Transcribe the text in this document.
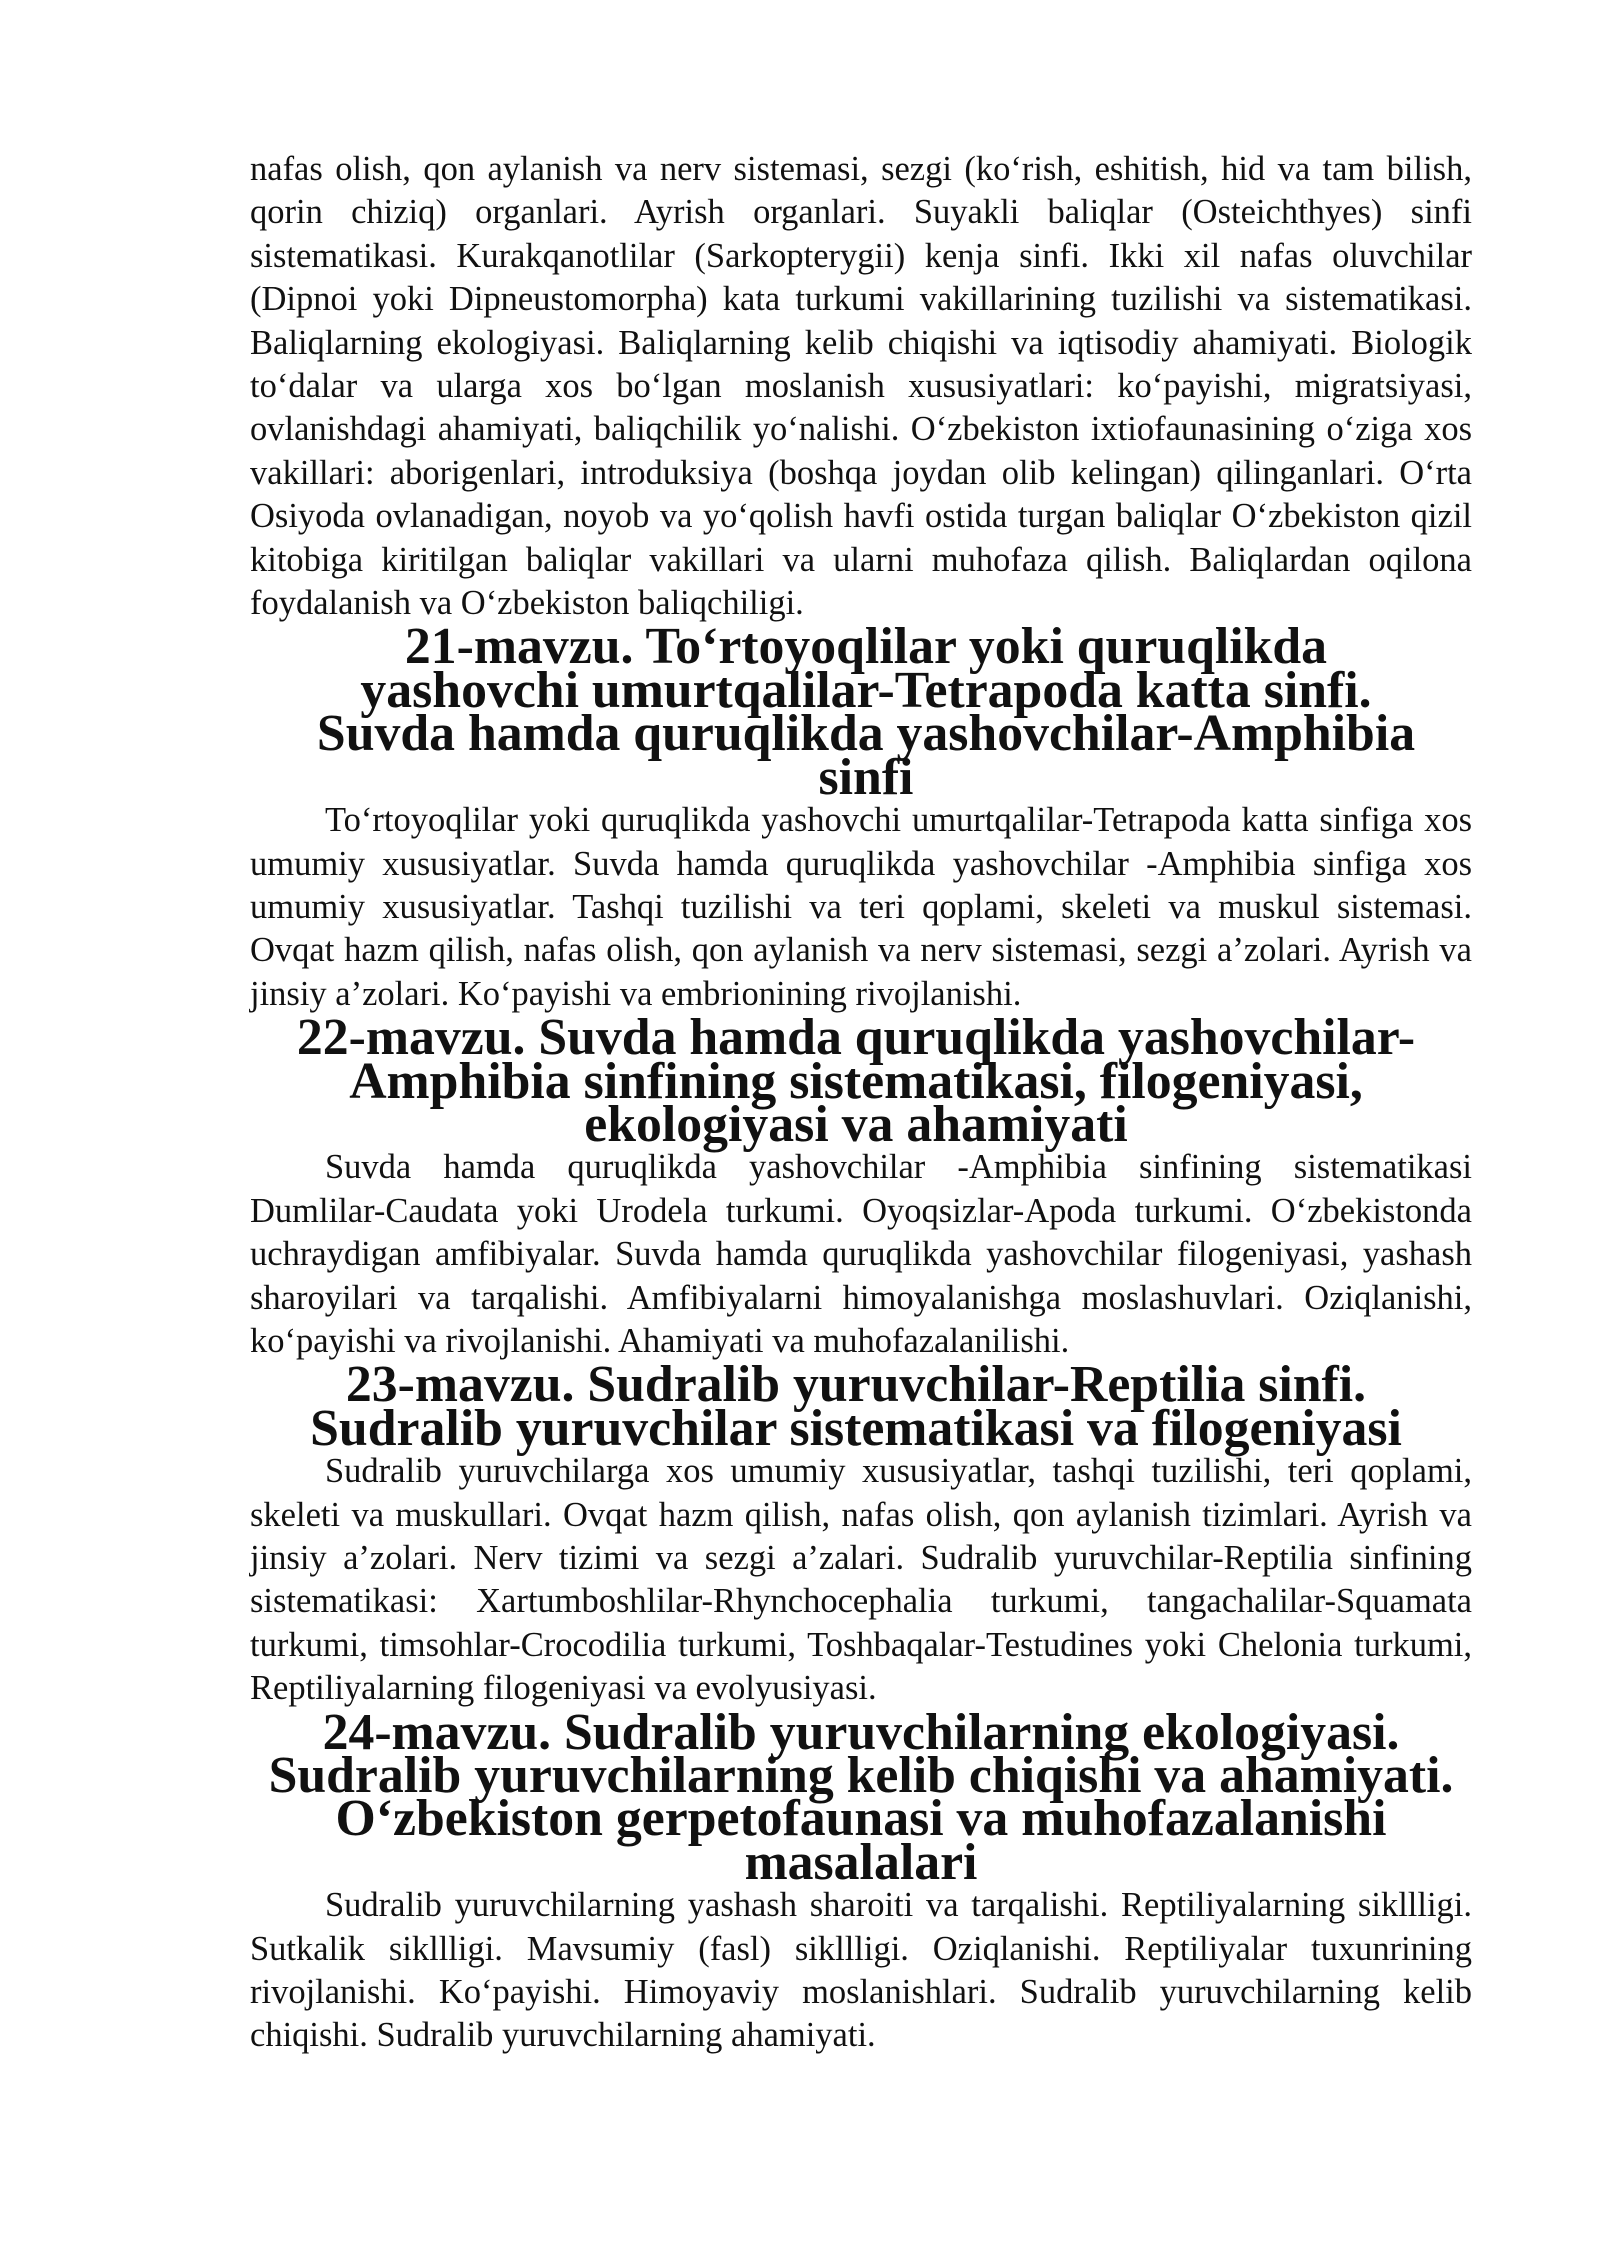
nafas olish, qon aylanish va nerv sistemasi, sezgi (ko‘rish, eshitish, hid va tam bilish, qorin chiziq) organlari. Ayrish organlari. Suyakli baliqlar (Osteichthyes) sinfi sistematikasi. Kurakqanotlilar (Sarkopterygii) kenja sinfi. Ikki xil nafas oluvchilar (Dipnoi yoki Dipneustomorpha) kata turkumi vakillarining tuzilishi va sistematikasi. Baliqlarning ekologiyasi. Baliqlarning kelib chiqishi va iqtisodiy ahamiyati. Biologik to‘dalar va ularga xos bo‘lgan moslanish xususiyatlari: ko‘payishi, migratsiyasi, ovlanishdagi ahamiyati, baliqchilik yo‘nalishi. O‘zbekiston ixtiofaunasining o‘ziga xos vakillari: aborigenlari, introduksiya (boshqa joydan olib kelingan) qilinganlari. O‘rta Osiyoda ovlanadigan, noyob va yo‘qolish havfi ostida turgan baliqlar O‘zbekiston qizil kitobiga kiritilgan baliqlar vakillari va ularni muhofaza qilish. Baliqlardan oqilona foydalanish va O‘zbekiston baliqchiligi.

21-mavzu. To‘rtoyoqlilar yoki quruqlikda yashovchi umurtqalilar-Tetrapoda katta sinfi. Suvda hamda quruqlikda yashovchilar-Amphibia sinfi

To‘rtoyoqlilar yoki quruqlikda yashovchi umurtqalilar-Tetrapoda katta sinfiga xos umumiy xususiyatlar. Suvda hamda quruqlikda yashovchilar -Amphibia sinfiga xos umumiy xususiyatlar. Tashqi tuzilishi va teri qoplami, skeleti va muskul sistemasi. Ovqat hazm qilish, nafas olish, qon aylanish va nerv sistemasi, sezgi a’zolari. Ayrish va jinsiy a’zolari. Ko‘payishi va embrionining rivojlanishi.

22-mavzu. Suvda hamda quruqlikda yashovchilar-Amphibia sinfining sistematikasi, filogeniyasi, ekologiyasi va ahamiyati

Suvda hamda quruqlikda yashovchilar -Amphibia sinfining sistematikasi Dumlilar-Caudata yoki Urodela turkumi. Oyoqsizlar-Apoda turkumi. O‘zbekistonda uchraydigan amfibiyalar. Suvda hamda quruqlikda yashovchilar filogeniyasi, yashash sharoyilari va tarqalishi. Amfibiyalarni himoyalanishga moslashuvlari. Oziqlanishi, ko‘payishi va rivojlanishi. Ahamiyati va muhofazalanilishi.

23-mavzu. Sudralib yuruvchilar-Reptilia sinfi. Sudralib yuruvchilar sistematikasi va filogeniyasi

Sudralib yuruvchilarga xos umumiy xususiyatlar, tashqi tuzilishi, teri qoplami, skeleti va muskullari. Ovqat hazm qilish, nafas olish, qon aylanish tizimlari. Ayrish va jinsiy a’zolari. Nerv tizimi va sezgi a’zalari. Sudralib yuruvchilar-Reptilia sinfining sistematikasi: Xartumboshlilar-Rhynchocephalia turkumi, tangachalilar-Squamata turkumi, timsohlar-Crocodilia turkumi, Toshbaqalar-Testudines yoki Chelonia turkumi, Reptiliyalarning filogeniyasi va evolyusiyasi.

24-mavzu. Sudralib yuruvchilarning ekologiyasi. Sudralib yuruvchilarning kelib chiqishi va ahamiyati. O‘zbekiston gerpetofaunasi va muhofazalanishi masalalari

Sudralib yuruvchilarning yashash sharoiti va tarqalishi. Reptiliyalarning sikllligi. Sutkalik sikllligi. Mavsumiy (fasl) sikllligi. Oziqlanishi. Reptiliyalar tuxunrining rivojlanishi. Ko‘payishi. Himoyaviy moslanishlari. Sudralib yuruvchilarning kelib chiqishi. Sudralib yuruvchilarning ahamiyati.
